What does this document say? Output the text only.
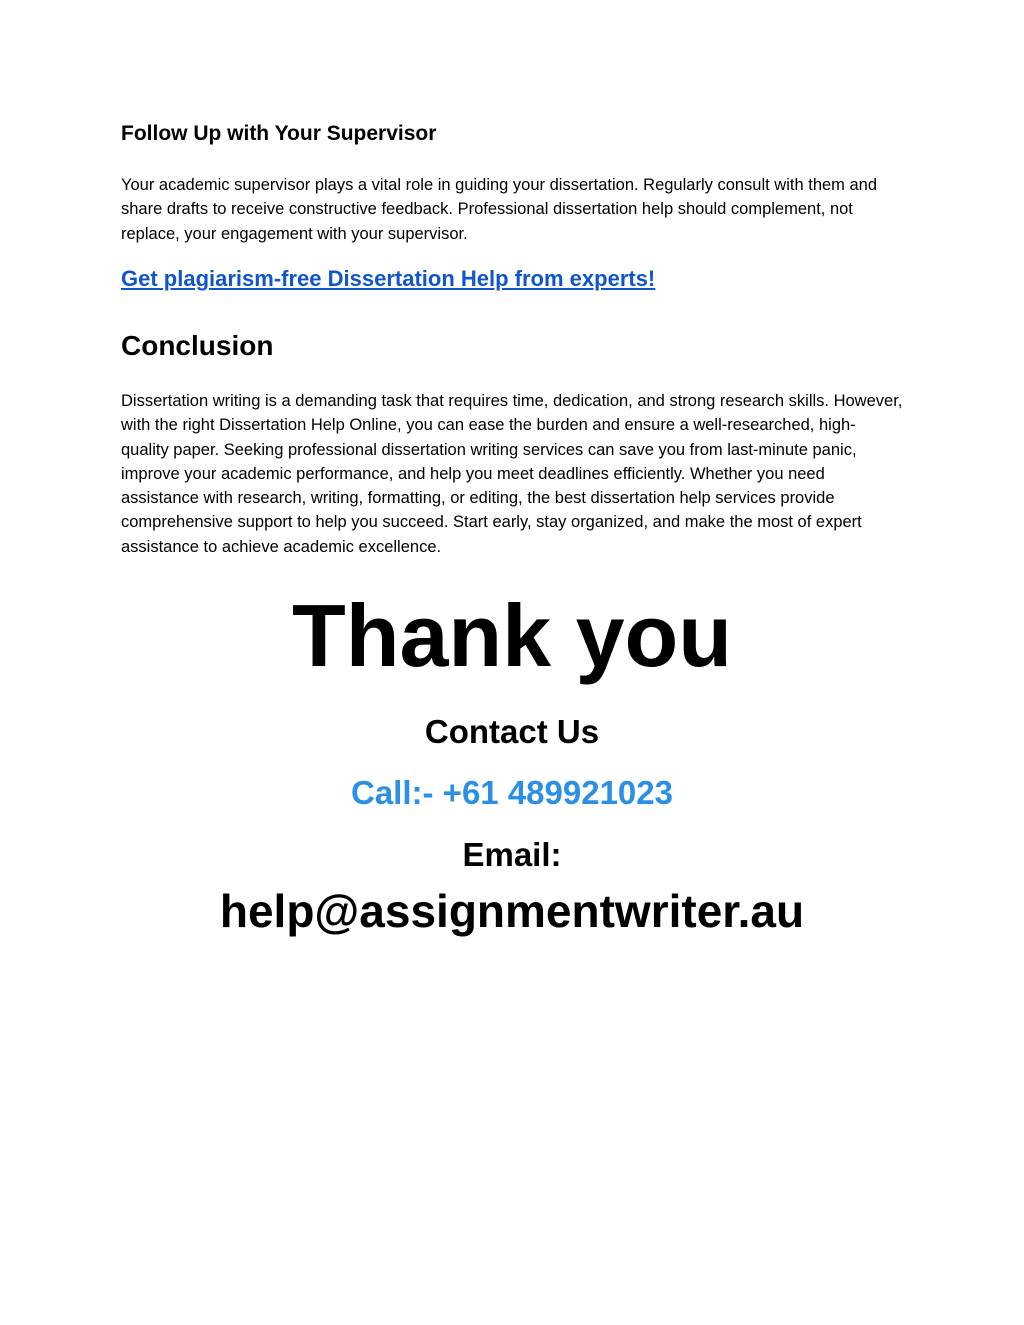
Follow Up with Your Supervisor

Your academic supervisor plays a vital role in guiding your dissertation. Regularly consult with them and share drafts to receive constructive feedback. Professional dissertation help should complement, not replace, your engagement with your supervisor.

Get plagiarism-free Dissertation Help from experts!
Conclusion

Dissertation writing is a demanding task that requires time, dedication, and strong research skills. However, with the right Dissertation Help Online, you can ease the burden and ensure a well-researched, high-quality paper. Seeking professional dissertation writing services can save you from last-minute panic, improve your academic performance, and help you meet deadlines efficiently. Whether you need assistance with research, writing, formatting, or editing, the best dissertation help services provide comprehensive support to help you succeed. Start early, stay organized, and make the most of expert assistance to achieve academic excellence.

Thank you
Contact Us
Call:- +61 489921023
Email:
help@assignmentwriter.au
